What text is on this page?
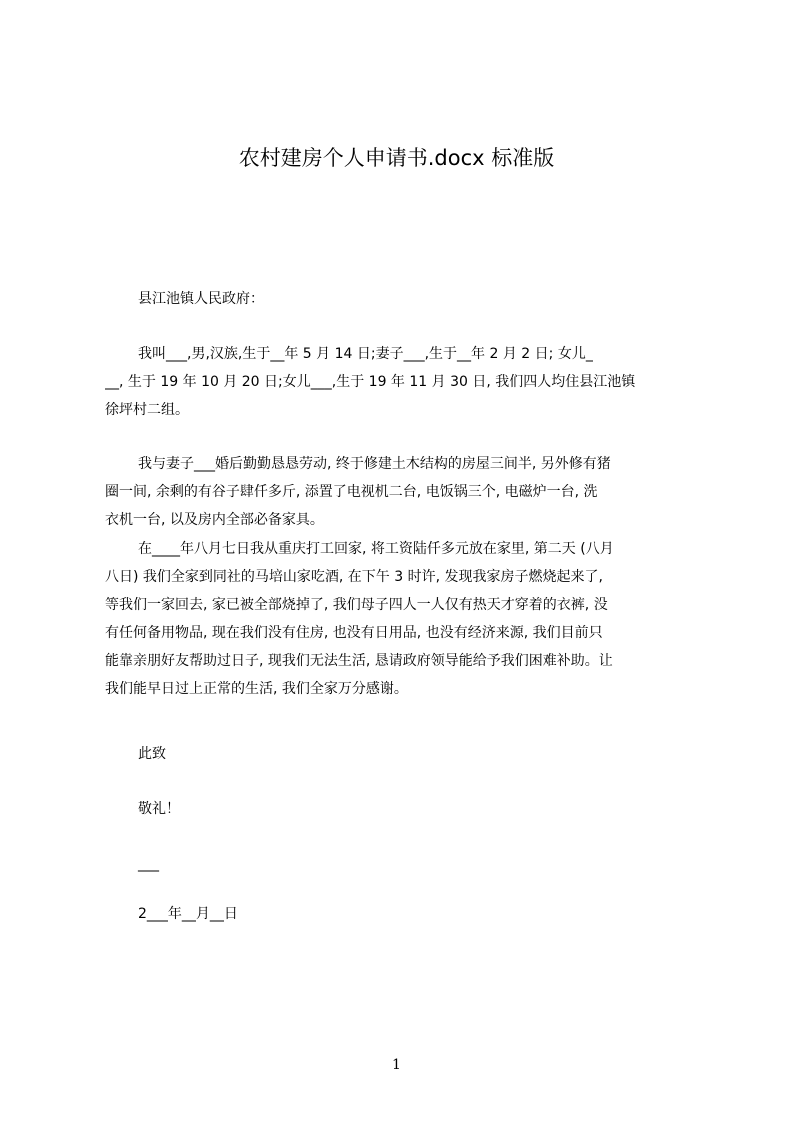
农村建房个人申请书.docx 标准版
县江池镇人民政府：
我叫___,男,汉族,生于__年 5 月 14 日;妻子___,生于__年 2 月 2 日; 女儿_
__, 生于 19 年 10 月 20 日;女儿___,生于 19 年 11 月 30 日, 我们四人均住县江池镇
徐坪村二组。
我与妻子___婚后勤勤恳恳劳动, 终于修建土木结构的房屋三间半, 另外修有猪
圈一间, 余剩的有谷子肆仟多斤, 添置了电视机二台, 电饭锅三个, 电磁炉一台, 洗
衣机一台, 以及房内全部必备家具。
在____年八月七日我从重庆打工回家, 将工资陆仟多元放在家里, 第二天 (八月
八日) 我们全家到同社的马培山家吃酒, 在下午 3 时许, 发现我家房子燃烧起来了,
等我们一家回去, 家已被全部烧掉了, 我们母子四人一人仅有热天才穿着的衣裤, 没
有任何备用物品, 现在我们没有住房, 也没有日用品, 也没有经济来源, 我们目前只
能靠亲朋好友帮助过日子, 现我们无法生活, 恳请政府领导能给予我们困难补助。让
我们能早日过上正常的生活, 我们全家万分感谢。
此致
敬礼！
___
2___年__月__日
1
